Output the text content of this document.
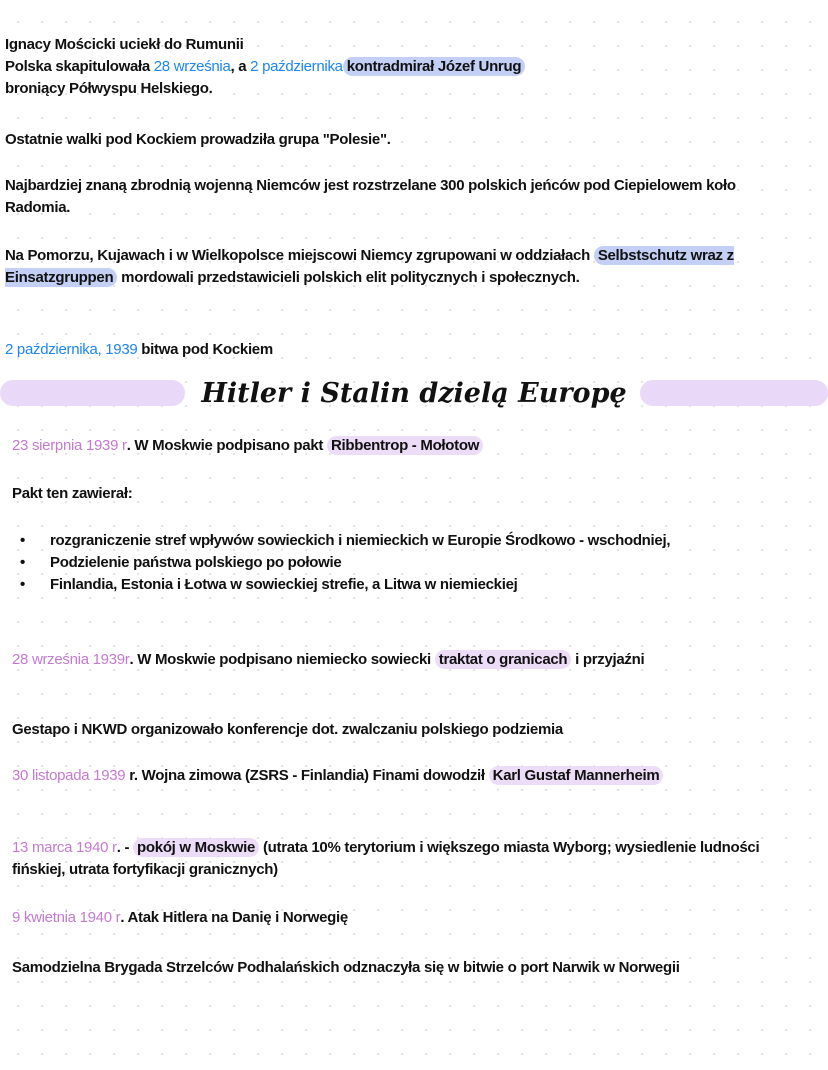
Ignacy Mościcki uciekł do Rumunii
Polska skapitulowała 28 września, a 2 października kontradmirał Józef Unrug
broniący Półwyspu Helskiego.
Ostatnie walki pod Kockiem prowadziła grupa "Polesie".
Najbardziej znaną zbrodnią wojenną Niemców jest rozstrzelane 300 polskich jeńców pod Ciepielowem koło Radomia.
Na Pomorzu, Kujawach i w Wielkopolsce miejscowi Niemcy zgrupowani w oddziałach Selbstschutz wraz z Einsatzgruppen mordowali przedstawicieli polskich elit politycznych i społecznych.
2 października, 1939 bitwa pod Kockiem
Hitler i Stalin dzielą Europę
23 sierpnia 1939 r. W Moskwie podpisano pakt Ribbentrop - Mołotow
Pakt ten zawierał:
• rozgraniczenie stref wpływów sowieckich i niemieckich w Europie Środkowo - wschodniej,
• Podzielenie państwa polskiego po połowie
• Finlandia, Estonia i Łotwa w sowieckiej strefie, a Litwa w niemieckiej
28 września 1939r. W Moskwie podpisano niemiecko sowiecki traktat o granicach i przyjaźni
Gestapo i NKWD organizowało konferencje dot. zwalczaniu polskiego podziemia
30 listopada 1939 r. Wojna zimowa (ZSRS - Finlandia) Finami dowodził Karl Gustaf Mannerheim
13 marca 1940 r. - pokój w Moskwie (utrata 10% terytorium i większego miasta Wyborg; wysiedlenie ludności fińskiej, utrata fortyfikacji granicznych)
9 kwietnia 1940 r. Atak Hitlera na Danię i Norwegię
Samodzielna Brygada Strzelców Podhalańskich odznaczyła się w bitwie o port Narwik w Norwegii
